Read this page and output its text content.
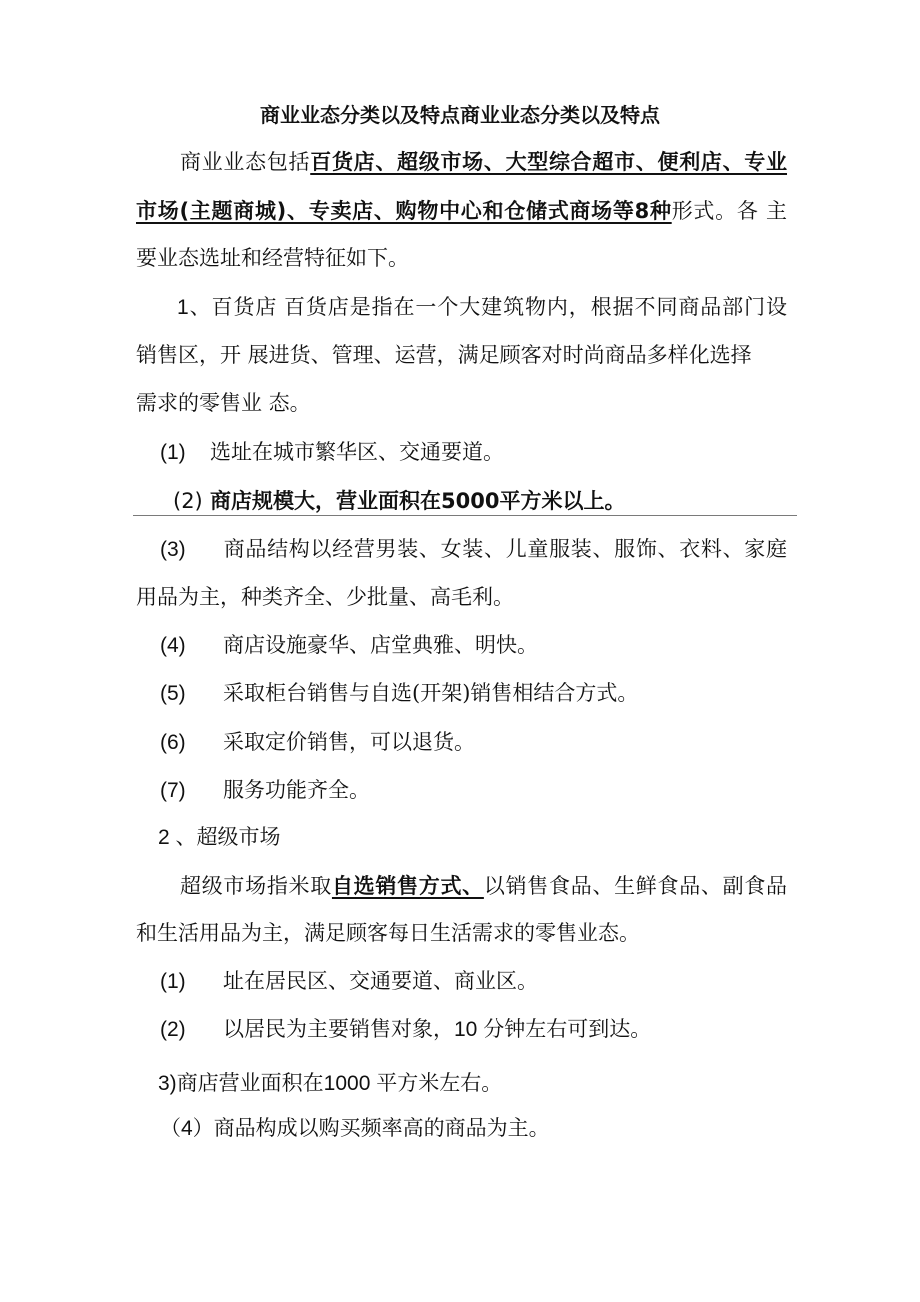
商业业态分类以及特点商业业态分类以及特点

商业业态包括百货店、超级市场、大型综合超市、便利店、专业

市场(主题商城)、专卖店、购物中心和仓储式商场等8种形式。各 主

要业态选址和经营特征如下。

1、百货店 百货店是指在一个大建筑物内，根据不同商品部门设

销售区，开 展进货、管理、运营，满足顾客对时尚商品多样化选择

需求的零售业 态。

(1) 选址在城市繁华区、交通要道。

(2) 商店规模大，营业面积在5000平方米以上。

(3) 商品结构以经营男装、女装、儿童服装、服饰、衣料、家庭

用品为主，种类齐全、少批量、高毛利。

(4) 商店设施豪华、店堂典雅、明快。

(5) 采取柜台销售与自选(开架)销售相结合方式。

(6) 采取定价销售，可以退货。

(7) 服务功能齐全。

2 、超级市场

超级市场指米取自选销售方式、以销售食品、生鲜食品、副食品

和生活用品为主，满足顾客每日生活需求的零售业态。

(1) 址在居民区、交通要道、商业区。

(2) 以居民为主要销售对象，10 分钟左右可到达。

3)商店营业面积在1000 平方米左右。

（4）商品构成以购买频率高的商品为主。
